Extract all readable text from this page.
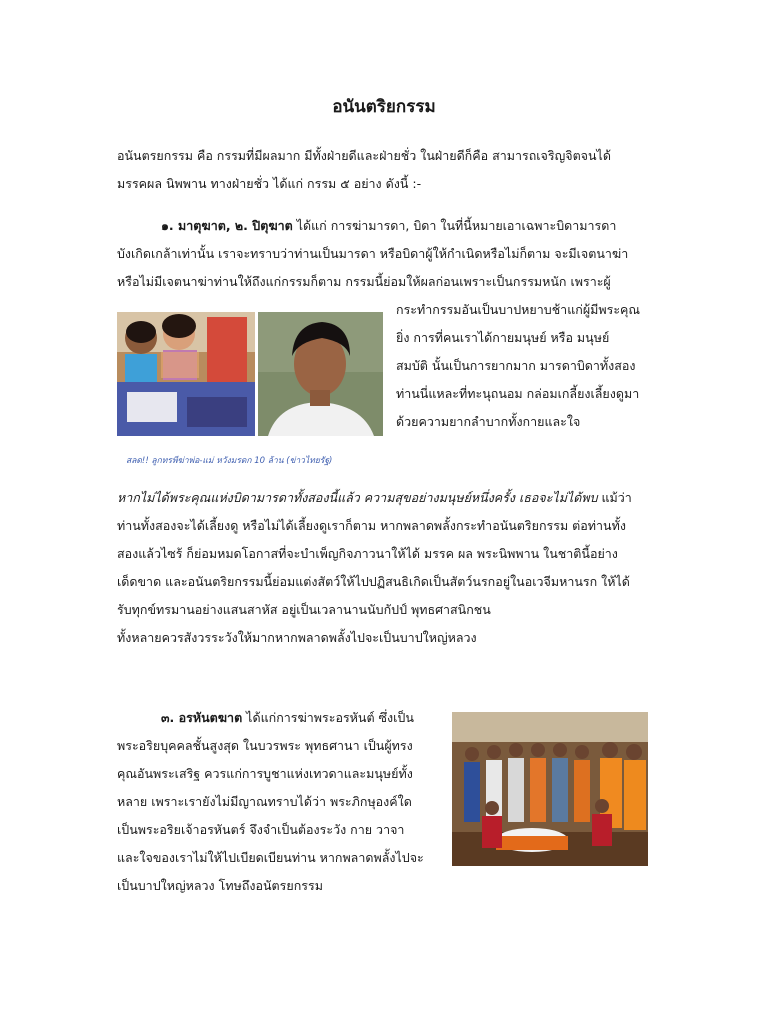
อนันตริยกรรม
อนันตรยกรรม คือ กรรมที่มีผลมาก มีทั้งฝ่ายดีและฝ่ายชั่ว ในฝ่ายดีก็คือ สามารถเจริญจิตจนได้
มรรคผล นิพพาน ทางฝ่ายชั่ว ได้แก่ กรรม ๕ อย่าง ดังนี้ :-
๑. มาตุฆาต, ๒. ปิตุฆาต ได้แก่ การฆ่ามารดา, บิดา ในที่นี้หมายเอาเฉพาะบิดามารดา
บังเกิดเกล้าเท่านั้น เราจะทราบว่าท่านเป็นมารดา หรือบิดาผู้ให้กำเนิดหรือไม่ก็ตาม จะมีเจตนาฆ่า
หรือไม่มีเจตนาฆ่าท่านให้ถึงแก่กรรมก็ตาม กรรมนี้ย่อมให้ผลก่อนเพราะเป็นกรรมหนัก เพราะผู้
กระทำกรรมอันเป็นบาปหยาบช้าแก่ผู้มีพระคุณ
ยิ่ง การที่คนเราได้กายมนุษย์ หรือ มนุษย์
สมบัติ นั้นเป็นการยากมาก มารดาบิดาทั้งสอง
ท่านนี่แหละที่ทะนุถนอม กล่อมเกลี้ยงเลี้ยงดูมา
ด้วยความยากลำบากทั้งกายและใจ
สลด!! ลูกทรพีฆ่าพ่อ-แม่ หวังมรดก 10 ล้าน (ข่าวไทยรัฐ)
หากไม่ได้พระคุณแห่งบิดามารดาทั้งสองนี้แล้ว ความสุขอย่างมนุษย์หนึ่งครั้ง เธอจะไม่ได้พบ แม้ว่า
ท่านทั้งสองจะได้เลี้ยงดู หรือไม่ได้เลี้ยงดูเราก็ตาม หากพลาดพลั้งกระทำอนันตริยกรรม ต่อท่านทั้ง
สองแล้วไซร้ ก็ย่อมหมดโอกาสที่จะบำเพ็ญกิจภาวนาให้ได้ มรรค ผล พระนิพพาน ในชาตินี้อย่าง
เด็ดขาด และอนันตริยกรรมนี้ย่อมแต่งสัตว์ให้ไปปฏิสนธิเกิดเป็นสัตว์นรกอยู่ในอเวจีมหานรก ให้ได้
รับทุกข์ทรมานอย่างแสนสาหัส อยู่เป็นเวลานานนับกัปป์ พุทธศาสนิกชน
ทั้งหลายควรสังวรระวังให้มากหากพลาดพลั้งไปจะเป็นบาปใหญ่หลวง
๓. อรหันตฆาต ได้แก่การฆ่าพระอรหันต์ ซึ่งเป็น
พระอริยบุคคลชั้นสูงสุด ในบวรพระ พุทธศานา เป็นผู้ทรง
คุณอันพระเสริฐ ควรแก่การบูชาแห่งเทวดาและมนุษย์ทั้ง
หลาย เพราะเรายังไม่มีญาณทราบได้ว่า พระภิกษุองค์ใด
เป็นพระอริยเจ้าอรหันตร์ จึงจำเป็นต้องระวัง กาย วาจา
และใจของเราไม่ให้ไปเบียดเบียนท่าน หากพลาดพลั้งไปจะ
เป็นบาปใหญ่หลวง โทษถึงอนัตรยกรรม
